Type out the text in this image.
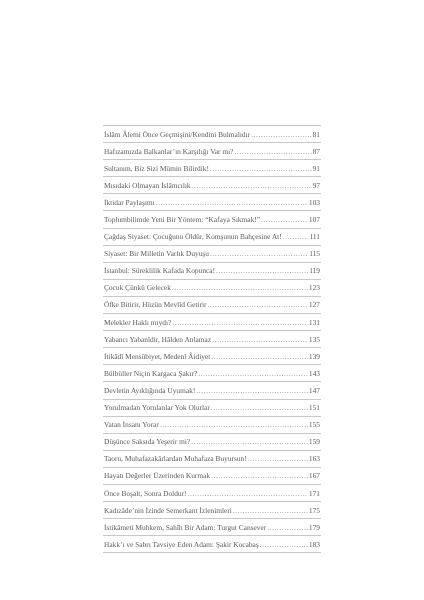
İslâm Âlemi Önce Geçmişini/Kendini Bulmalıdır .....	81
Hafızamızda Balkanlar’ın Karşılığı Var mı? .....	87
Sultanım, Biz Sizi Mümin Bilirdik! .....	91
Mısıdaki Olmayan İslâmcılık .....	97
İktidar Paylaşımı .....	103
Toplumbilimde Yeni Bir Yöntem: “Kafaya Sıkmak!” .....	107
Çağdaş Siyaset: Çocuğunu Öldür, Komşunun Bahçesine At! .....	111
Siyaset: Bir Milletin Varlık Duyuşu .....	115
İstanbul: Süreklilik Kafada Kopunca! .....	119
Çocuk Çünkü Gelecek .....	123
Öfke Bitirir, Hüzün Mevlîd Getirir .....	127
Melekler Haklı mıydı? .....	131
Yabancı Yabanîdir, Hâlden Anlamaz .....	135
İtikâdî Mensûbiyet, Medenî Âidiyet .....	139
Bülbüller Niçin Kargaca Şakır? .....	143
Devletin Ayıklığında Uyumak! .....	147
Yorulmadan Yorulanlar Yok Olurlar .....	151
Vatan İnsanı Yorar .....	155
Düşünce Saksıda Yeşerir mi? .....	159
Taoru, Muhafazakârlardan Muhafaza Buyursun! .....	163
Hayatı Değerler Üzerinden Kurmak .....	167
Önce Boşalt, Sonra Doldur! .....	171
Kadızâde’nin İzinde Semerkant İzlenimleri .....	175
İstikâmeti Muhkem, Sahîh Bir Adam: Turgut Cansever .....	179
Hakk’ı ve Sabrı Tavsiye Eden Adam: Şakir Kocabaş .....	183
